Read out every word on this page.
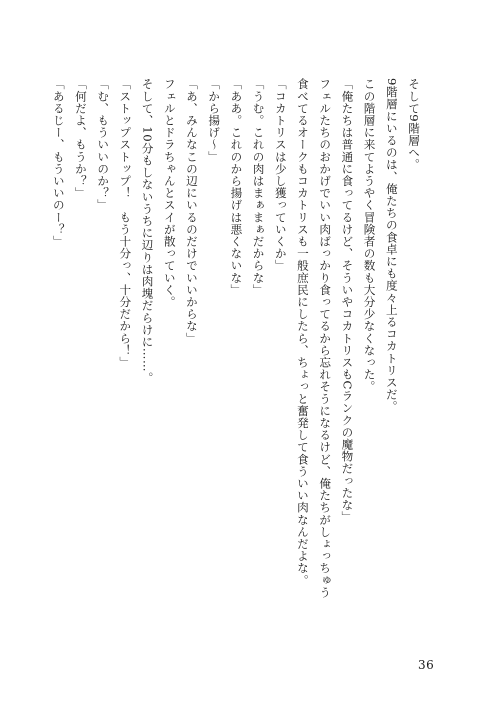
そして9階層へ。
9階層にいるのは、俺たちの食卓にも度々上るコカトリスだ。
この階層に来てようやく冒険者の数も大分少なくなった。
「俺たちは普通に食ってるけど、そういやコカトリスもCランクの魔物だったな」
フェルたちのおかげでいい肉ばっかり食ってるから忘れそうになるけど、俺たちがしょっちゅう
食べてるオークもコカトリスも一般庶民にしたら、ちょっと奮発して食ういい肉なんだよな。
「コカトリスは少し獲っていくか」
「うむ。これの肉はまぁまぁだからな」
「ああ。これのから揚げは悪くないな」
「から揚げ～」
「あ、みんなこの辺にいるのだけでいいからな」
フェルとドラちゃんとスイが散っていく。
そして、10分もしないうちに辺りは肉塊だらけに……。
「ストップストップ！　もう十分っ、十分だから！」
「む、もういいのか？」
「何だよ、もうか？」
「あるじー、もういいのー？」
36
